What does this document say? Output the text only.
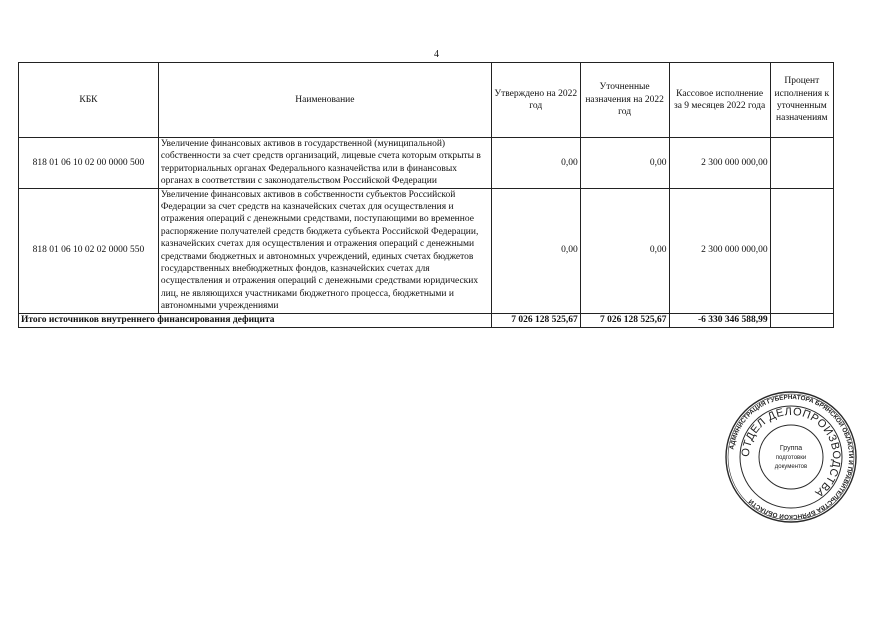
4
КБК	Наименование	Утверждено на 2022 год	Уточненные назначения на 2022 год	Кассовое исполнение за 9 месяцев 2022 года	Процент исполнения к уточненным назначениям
818 01 06 10 02 00 0000 500	Увеличение финансовых активов в государственной (муниципальной) собственности за счет средств организаций, лицевые счета которым открыты в территориальных органах Федерального казначейства или в финансовых органах в соответствии с законодательством Российской Федерации	0,00	0,00	2 300 000 000,00	
818 01 06 10 02 02 0000 550	Увеличение финансовых активов в собственности субъектов Российской Федерации за счет средств на казначейских счетах для осуществления и отражения операций с денежными средствами, поступающими во временное распоряжение получателей средств бюджета субъекта Российской Федерации, казначейских счетах для осуществления и отражения операций с денежными средствами бюджетных и автономных учреждений, единых счетах бюджетов государственных внебюджетных фондов, казначейских счетах для осуществления и отражения операций с денежными средствами юридических лиц, не являющихся участниками бюджетного процесса, бюджетными и автономными учреждениями	0,00	0,00	2 300 000 000,00	
Итого источников внутреннего финансирования дефицита		7 026 128 525,67	7 026 128 525,67	-6 330 346 588,99	
АДМИНИСТРАЦИЯ ГУБЕРНАТОРА БРЯНСКОЙ ОБЛАСТИ И ПРАВИТЕЛЬСТВА БРЯНСКОЙ ОБЛАСТИ
ОТДЕЛ ДЕЛОПРОИЗВОДСТВА
Группа
подготовки
документов
